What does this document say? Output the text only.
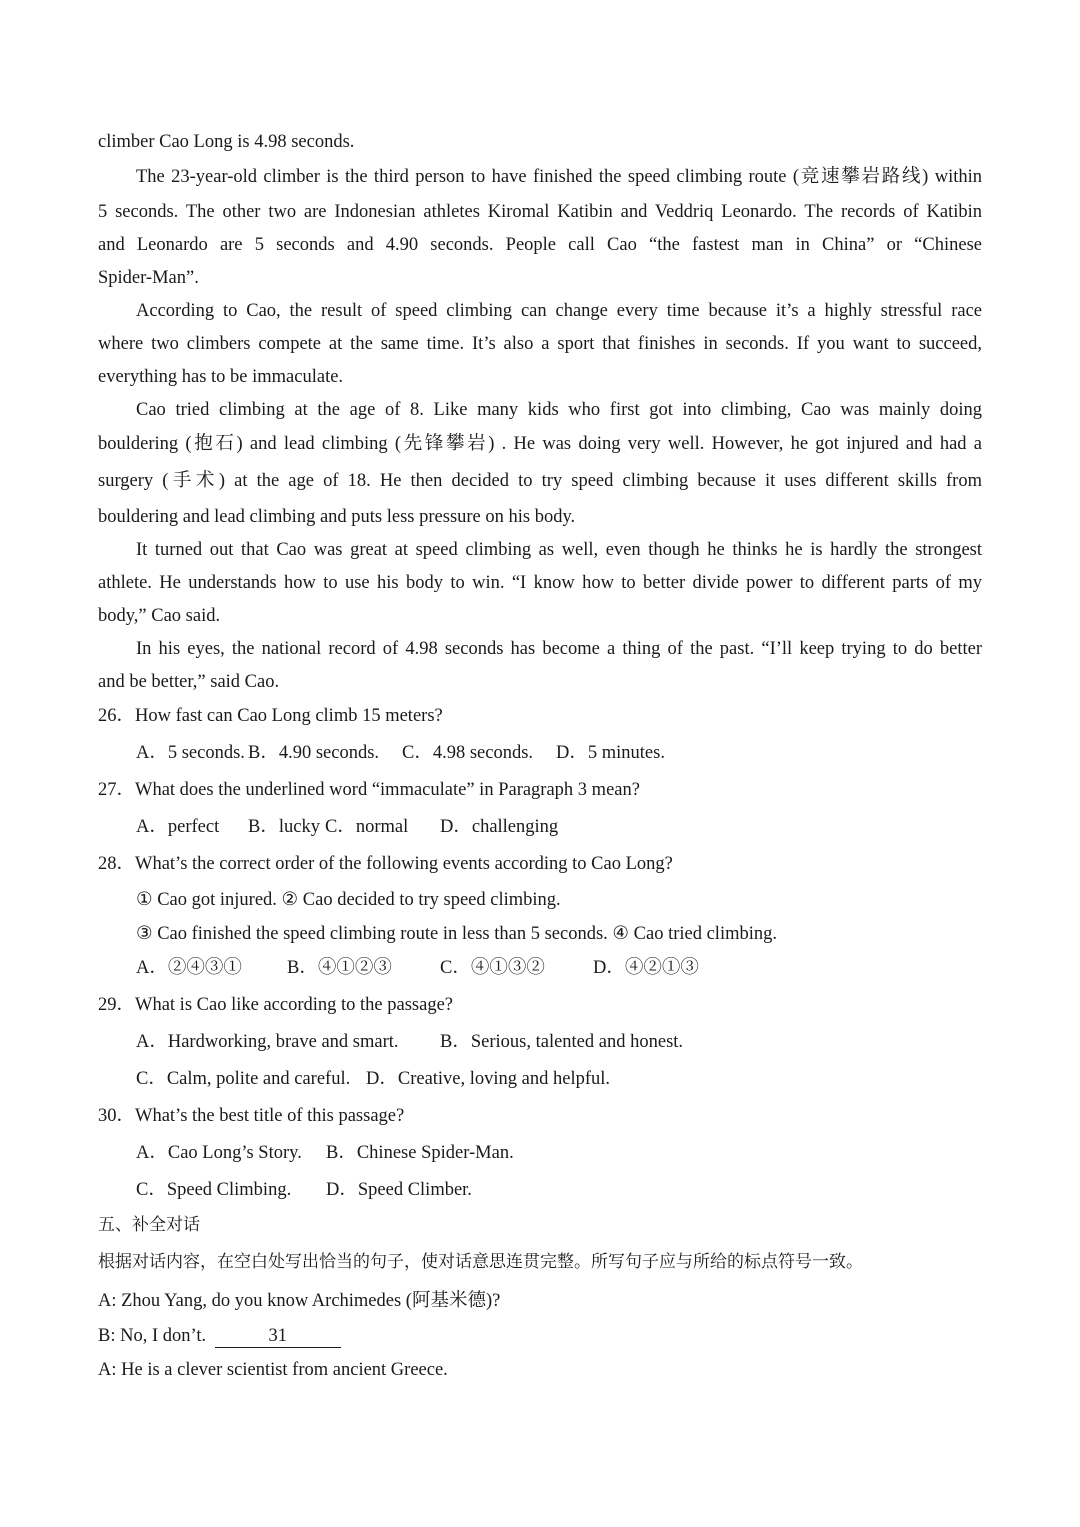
climber Cao Long is 4.98 seconds.
The 23-year-old climber is the third person to have finished the speed climbing route (竞速攀岩路线) within
5 seconds. The other two are Indonesian athletes Kiromal Katibin and Veddriq Leonardo. The records of Katibin
and Leonardo are 5 seconds and 4.90 seconds. People call Cao “the fastest man in China” or “Chinese
Spider-Man”.
According to Cao, the result of speed climbing can change every time because it’s a highly stressful race
where two climbers compete at the same time. It’s also a sport that finishes in seconds. If you want to succeed,
everything has to be immaculate.
Cao tried climbing at the age of 8. Like many kids who first got into climbing, Cao was mainly doing
bouldering (抱石) and lead climbing (先锋攀岩) . He was doing very well. However, he got injured and had a
surgery (手术) at the age of 18. He then decided to try speed climbing because it uses different skills from
bouldering and lead climbing and puts less pressure on his body.
It turned out that Cao was great at speed climbing as well, even though he thinks he is hardly the strongest
athlete. He understands how to use his body to win. “I know how to better divide power to different parts of my
body,” Cao said.
In his eyes, the national record of 4.98 seconds has become a thing of the past. “I’ll keep trying to do better
and be better,” said Cao.
26．How fast can Cao Long climb 15 meters?
A．5 seconds. B．4.90 seconds. C．4.98 seconds. D．5 minutes.
27．What does the underlined word “immaculate” in Paragraph 3 mean?
A．perfect B．lucky C．normal D．challenging
28．What’s the correct order of the following events according to Cao Long?
① Cao got injured. ② Cao decided to try speed climbing.
③ Cao finished the speed climbing route in less than 5 seconds. ④ Cao tried climbing.
A．②④③① B．④①②③	C．④①③②	D．④②①③
29．What is Cao like according to the passage?
A．Hardworking, brave and smart. B．Serious, talented and honest.
C．Calm, polite and careful. D．Creative, loving and helpful.
30．What’s the best title of this passage?
A．Cao Long’s Story. B．Chinese Spider-Man.
C．Speed Climbing. D．Speed Climber.
五、补全对话
根据对话内容，在空白处写出恰当的句子，使对话意思连贯完整。所写句子应与所给的标点符号一致。
A: Zhou Yang, do you know Archimedes (阿基米德)?
B: No, I don’t.	31
A: He is a clever scientist from ancient Greece.
